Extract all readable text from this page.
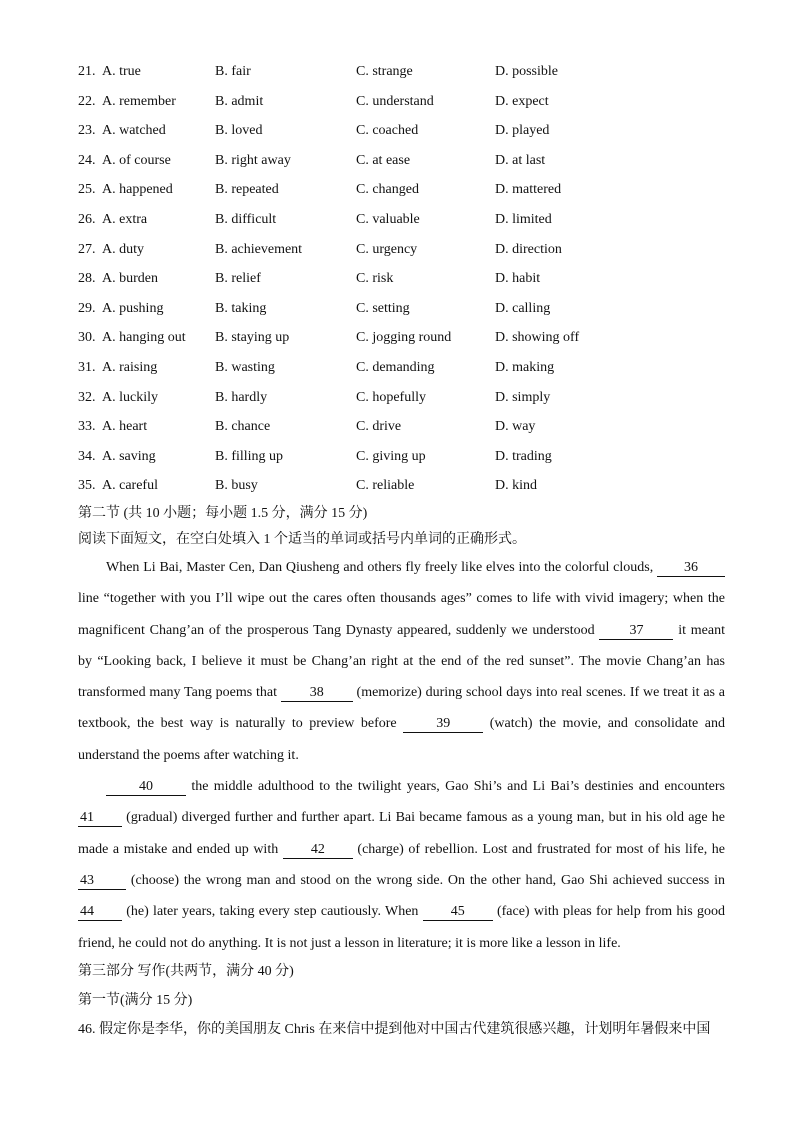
21. A. true	B. fair	C. strange	D. possible
22. A. remember	B. admit	C. understand	D. expect
23. A. watched	B. loved	C. coached	D. played
24. A. of course	B. right away	C. at ease	D. at last
25. A. happened	B. repeated	C. changed	D. mattered
26. A. extra	B. difficult	C. valuable	D. limited
27. A. duty	B. achievement	C. urgency	D. direction
28. A. burden	B. relief	C. risk	D. habit
29. A. pushing	B. taking	C. setting	D. calling
30. A. hanging out B. staying up	C. jogging round	D. showing off
31. A. raising	B. wasting	C. demanding	D. making
32. A. luckily	B. hardly	C. hopefully	D. simply
33. A. heart	B. chance	C. drive	D. way
34. A. saving	B. filling up	C. giving up	D. trading
35. A. careful	B. busy	C. reliable	D. kind
第二节 (共 10 小题；每小题 1.5 分，满分 15 分)
阅读下面短文，在空白处填入 1 个适当的单词或括号内单词的正确形式。

When Li Bai, Master Cen, Dan Qiusheng and others fly freely like elves into the colorful clouds, 36 line “together with you I’ll wipe out the cares often thousands ages” comes to life with vivid imagery; when the magnificent Chang’an of the prosperous Tang Dynasty appeared, suddenly we understood 37 it meant by “Looking back, I believe it must be Chang’an right at the end of the red sunset”. The movie Chang’an has transformed many Tang poems that 38 (memorize) during school days into real scenes. If we treat it as a textbook, the best way is naturally to preview before 39 (watch) the movie, and consolidate and understand the poems after watching it.

40 the middle adulthood to the twilight years, Gao Shi’s and Li Bai’s destinies and encounters 41 (gradual) diverged further and further apart. Li Bai became famous as a young man, but in his old age he made a mistake and ended up with 42 (charge) of rebellion. Lost and frustrated for most of his life, he 43 (choose) the wrong man and stood on the wrong side. On the other hand, Gao Shi achieved success in 44 (he) later years, taking every step cautiously. When 45 (face) with pleas for help from his good friend, he could not do anything. It is not just a lesson in literature; it is more like a lesson in life.

第三部分 写作(共两节，满分 40 分)
第一节(满分 15 分)
46. 假定你是李华，你的美国朋友 Chris 在来信中提到他对中国古代建筑很感兴趣，计划明年暑假来中国
